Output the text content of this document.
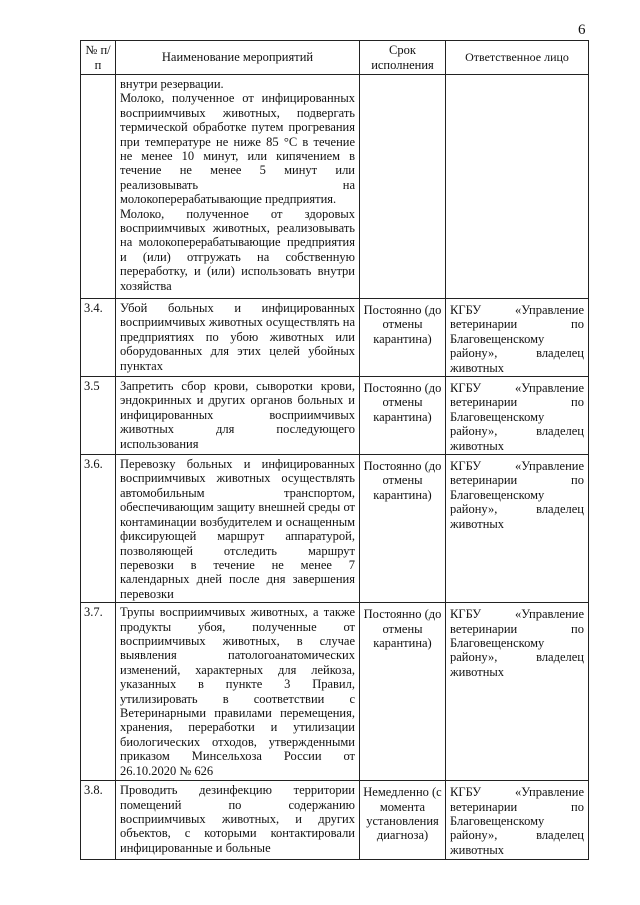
6
№ п/п	Наименование мероприятий	Срок исполнения	Ответственное лицо

	внутри резервации.

Молоко, полученное от инфицированных восприимчивых животных, подвергать термической обработке путем прогревания при температуре не ниже 85 °С в течение не менее 10 минут, или кипячением в течение не менее 5 минут или реализовывать на молокоперерабатывающие предприятия.

Молоко, полученное от здоровых восприимчивых животных, реализовывать на молокоперерабатывающие предприятия и (или) отгружать на собственную переработку, и (или) использовать внутри хозяйства		

3.4.	Убой больных и инфицированных восприимчивых животных осуществлять на предприятиях по убою животных или оборудованных для этих целей убойных пунктах	Постоянно (до отмены карантина)	КГБУ «Управление ветеринарии по Благовещенскому району», владелец животных
3.5	Запретить сбор крови, сыворотки крови, эндокринных и других органов больных и инфицированных восприимчивых животных для последующего использования	Постоянно (до отмены карантина)	КГБУ «Управление ветеринарии по Благовещенскому району», владелец животных
3.6.	Перевозку больных и инфицированных восприимчивых животных осуществлять автомобильным транспортом, обеспечивающим защиту внешней среды от контаминации возбудителем и оснащенным фиксирующей маршрут аппаратурой, позволяющей отследить маршрут перевозки в течение не менее 7 календарных дней после дня завершения перевозки	Постоянно (до отмены карантина)	КГБУ «Управление ветеринарии по Благовещенскому району», владелец животных
3.7.	Трупы восприимчивых животных, а также продукты убоя, полученные от восприимчивых животных, в случае выявления патологоанатомических изменений, характерных для лейкоза, указанных в пункте 3 Правил, утилизировать в соответствии с Ветеринарными правилами перемещения, хранения, переработки и утилизации биологических отходов, утвержденными приказом Минсельхоза России от 26.10.2020 № 626	Постоянно (до отмены карантина)	КГБУ «Управление ветеринарии по Благовещенскому району», владелец животных
3.8.	Проводить дезинфекцию территории помещений по содержанию восприимчивых животных, и других объектов, с которыми контактировали инфицированные и больные	Немедленно (с момента установления диагноза)	КГБУ «Управление ветеринарии по Благовещенскому району», владелец животных
